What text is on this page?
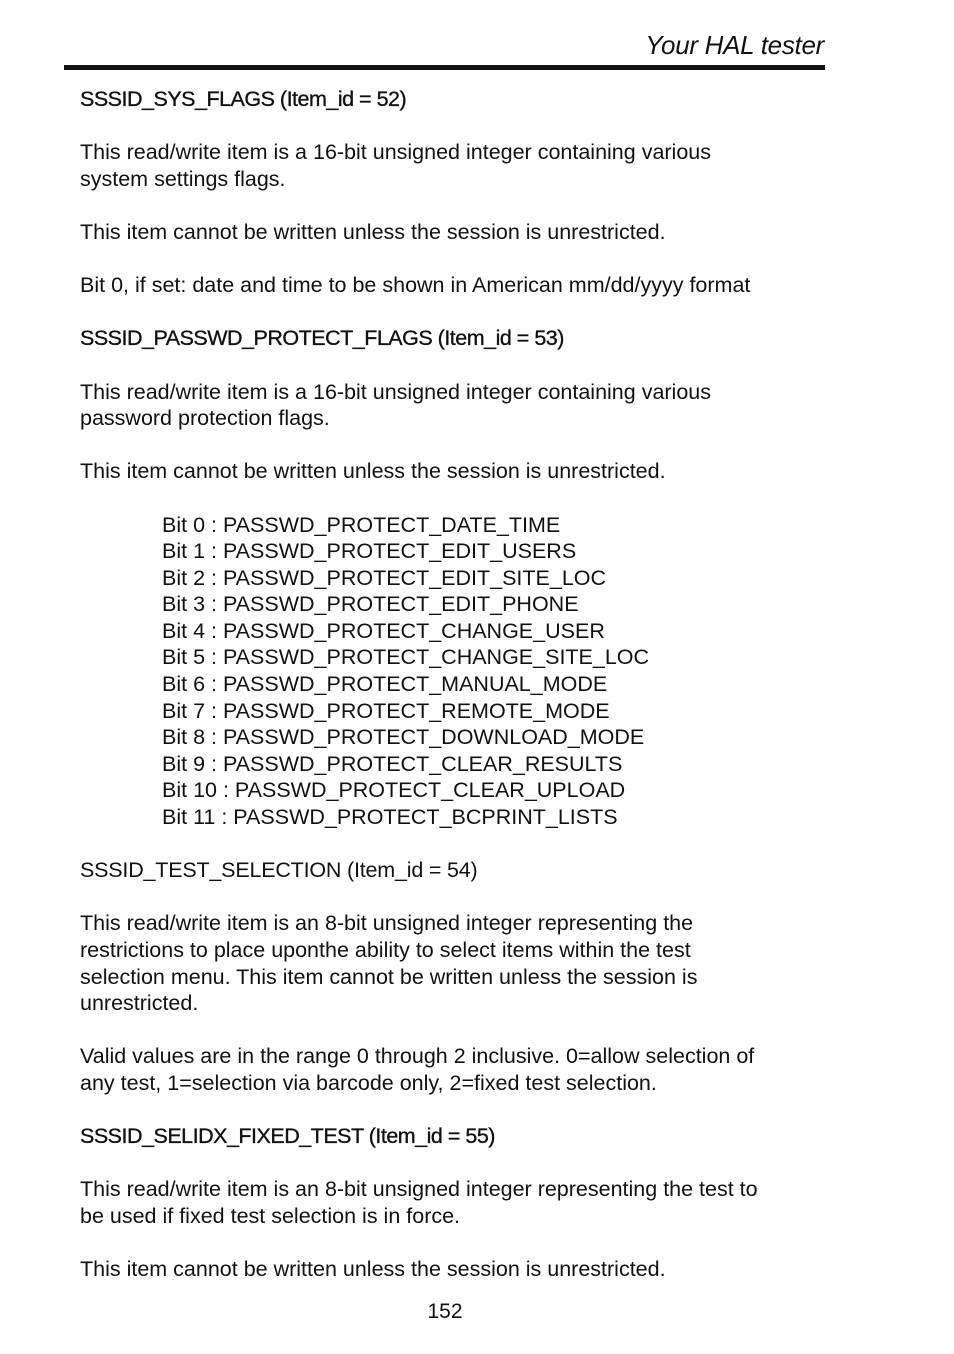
Your HAL tester
SSSID_SYS_FLAGS (Item_id = 52)
This read/write item is a 16-bit unsigned integer containing various
system settings flags.
This item cannot be written unless the session is unrestricted.
Bit 0, if set: date and time to be shown in American mm/dd/yyyy format
SSSID_PASSWD_PROTECT_FLAGS (Item_id = 53)
This read/write item is a 16-bit unsigned integer containing various
password protection flags.
This item cannot be written unless the session is unrestricted.
Bit 0 : PASSWD_PROTECT_DATE_TIME
Bit 1 : PASSWD_PROTECT_EDIT_USERS
Bit 2 : PASSWD_PROTECT_EDIT_SITE_LOC
Bit 3 : PASSWD_PROTECT_EDIT_PHONE
Bit 4 : PASSWD_PROTECT_CHANGE_USER
Bit 5 : PASSWD_PROTECT_CHANGE_SITE_LOC
Bit 6 : PASSWD_PROTECT_MANUAL_MODE
Bit 7 : PASSWD_PROTECT_REMOTE_MODE
Bit 8 : PASSWD_PROTECT_DOWNLOAD_MODE
Bit 9 : PASSWD_PROTECT_CLEAR_RESULTS
Bit 10 : PASSWD_PROTECT_CLEAR_UPLOAD
Bit 11 : PASSWD_PROTECT_BCPRINT_LISTS
SSSID_TEST_SELECTION (Item_id = 54)
This read/write item is an 8-bit unsigned integer representing the
restrictions to place uponthe ability to select items within the test
selection menu. This item cannot be written unless the session is
unrestricted.
Valid values are in the range 0 through 2 inclusive. 0=allow selection of
any test, 1=selection via barcode only, 2=fixed test selection.
SSSID_SELIDX_FIXED_TEST (Item_id = 55)
This read/write item is an 8-bit unsigned integer representing the test to
be used if fixed test selection is in force.
This item cannot be written unless the session is unrestricted.
152
